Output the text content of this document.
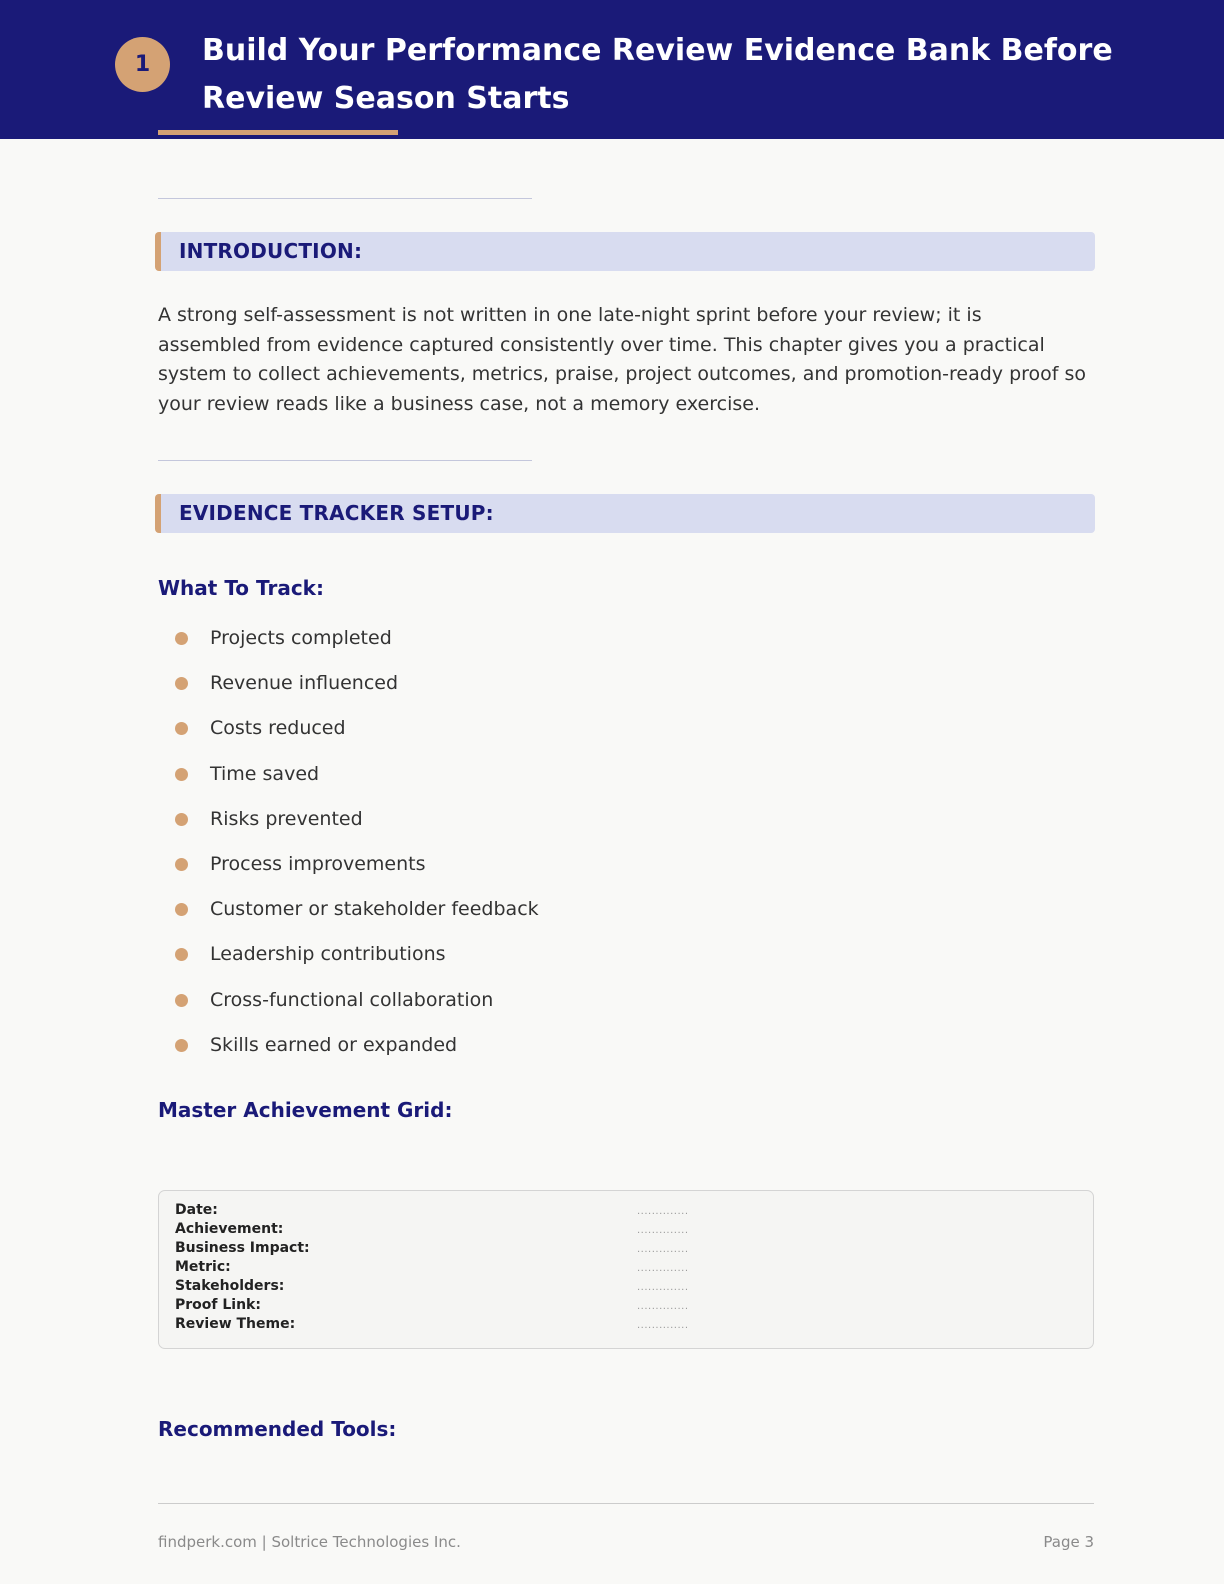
1	Build Your Performance Review Evidence Bank Before Review Season Starts
INTRODUCTION:

A strong self-assessment is not written in one late-night sprint before your review; it is assembled from evidence captured consistently over time. This chapter gives you a practical system to collect achievements, metrics, praise, project outcomes, and promotion-ready proof so your review reads like a business case, not a memory exercise.

EVIDENCE TRACKER SETUP:
What To Track:
Projects completed
Revenue influenced
Costs reduced
Time saved
Risks prevented
Process improvements
Customer or stakeholder feedback
Leadership contributions
Cross-functional collaboration
Skills earned or expanded
Master Achievement Grid:
Date:	..............
Achievement:	..............
Business Impact:	..............
Metric:	..............
Stakeholders:	..............
Proof Link:	..............
Review Theme:	..............
Recommended Tools:
findperk.com | Soltrice Technologies Inc.	Page 3
